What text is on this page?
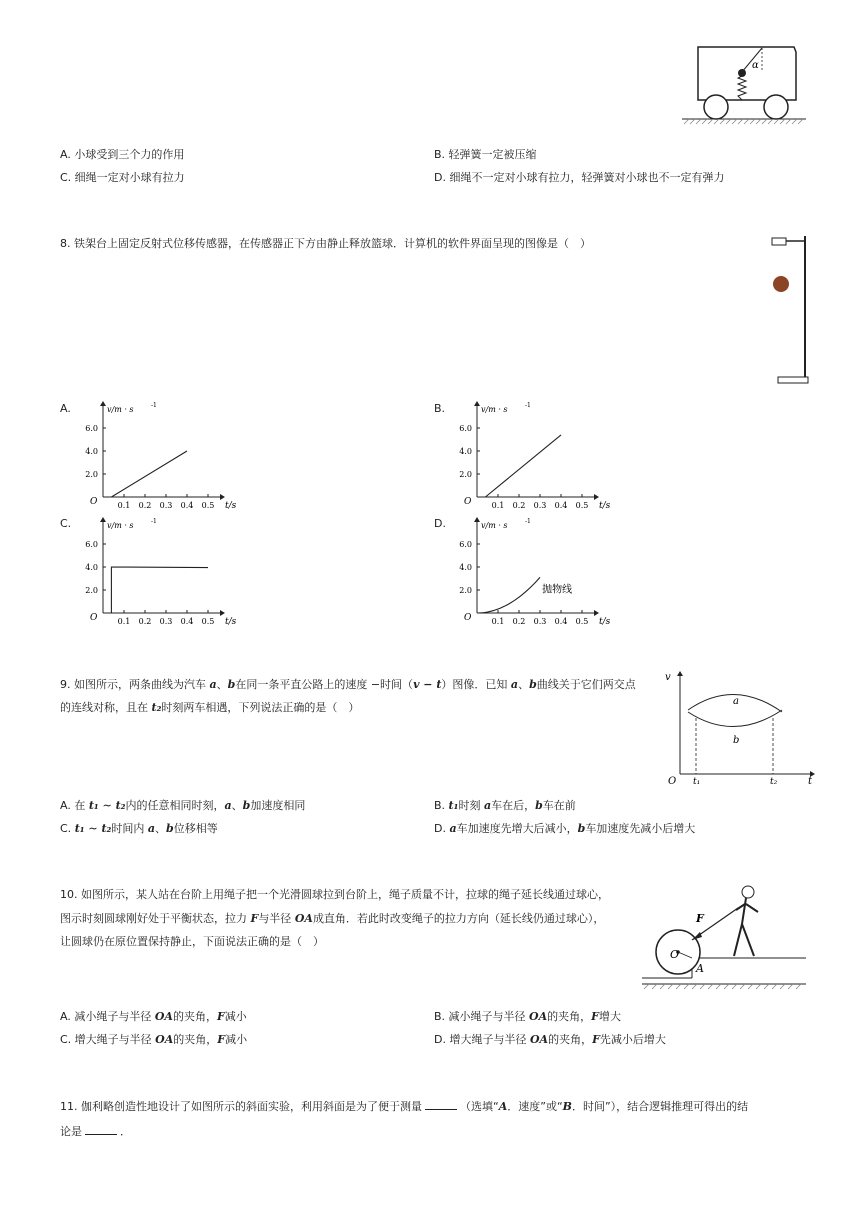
α
A. 小球受到三个力的作用	B. 轻弹簧一定被压缩
C. 细绳一定对小球有拉力	D. 细绳不一定对小球有拉力，轻弹簧对小球也不一定有弹力
8. 铁架台上固定反射式位移传感器，在传感器正下方由静止释放篮球．计算机的软件界面呈现的图像是（　）
A.	B.
C.	D.
v/m · s	-1
t/s
O
2.0
4.0
6.0
0.1 0.2 0.3 0.4 0.5
v/m · s	-1
t/s
O
2.0
4.0
6.0
0.1 0.2 0.3 0.4 0.5
v/m · s	-1
t/s
O
2.0
4.0
6.0
0.1 0.2 0.3 0.4 0.5
v/m · s	-1
t/s
O
2.0
4.0
6.0
0.1 0.2 0.3 0.4 0.5
抛物线
9. 如图所示，两条曲线为汽车 a、b在同一条平直公路上的速度 −时间（v − t）图像．已知 a、b曲线关于它们两交点
的连线对称，且在 t₂时刻两车相遇，下列说法正确的是（　）
v
t
O
a
b
t₁	t₂
A. 在 t₁ ∼ t₂内的任意相同时刻，a、b加速度相同	B. t₁时刻 a车在后，b车在前
C. t₁ ∼ t₂时间内 a、b位移相等	D. a车加速度先增大后减小，b车加速度先减小后增大
10. 如图所示，某人站在台阶上用绳子把一个光滑圆球拉到台阶上，绳子质量不计，拉球的绳子延长线通过球心，
图示时刻圆球刚好处于平衡状态，拉力 F与半径 OA成直角．若此时改变绳子的拉力方向（延长线仍通过球心），
让圆球仍在原位置保持静止，下面说法正确的是（　）
O
A
F
A. 减小绳子与半径 OA的夹角，F减小	B. 减小绳子与半径 OA的夹角，F增大
C. 增大绳子与半径 OA的夹角，F减小	D. 增大绳子与半径 OA的夹角，F先减小后增大
11. 伽利略创造性地设计了如图所示的斜面实验，利用斜面是为了便于测量	（选填“A．速度”或“B．时间”），结合逻辑推理可得出的结
论是	．
